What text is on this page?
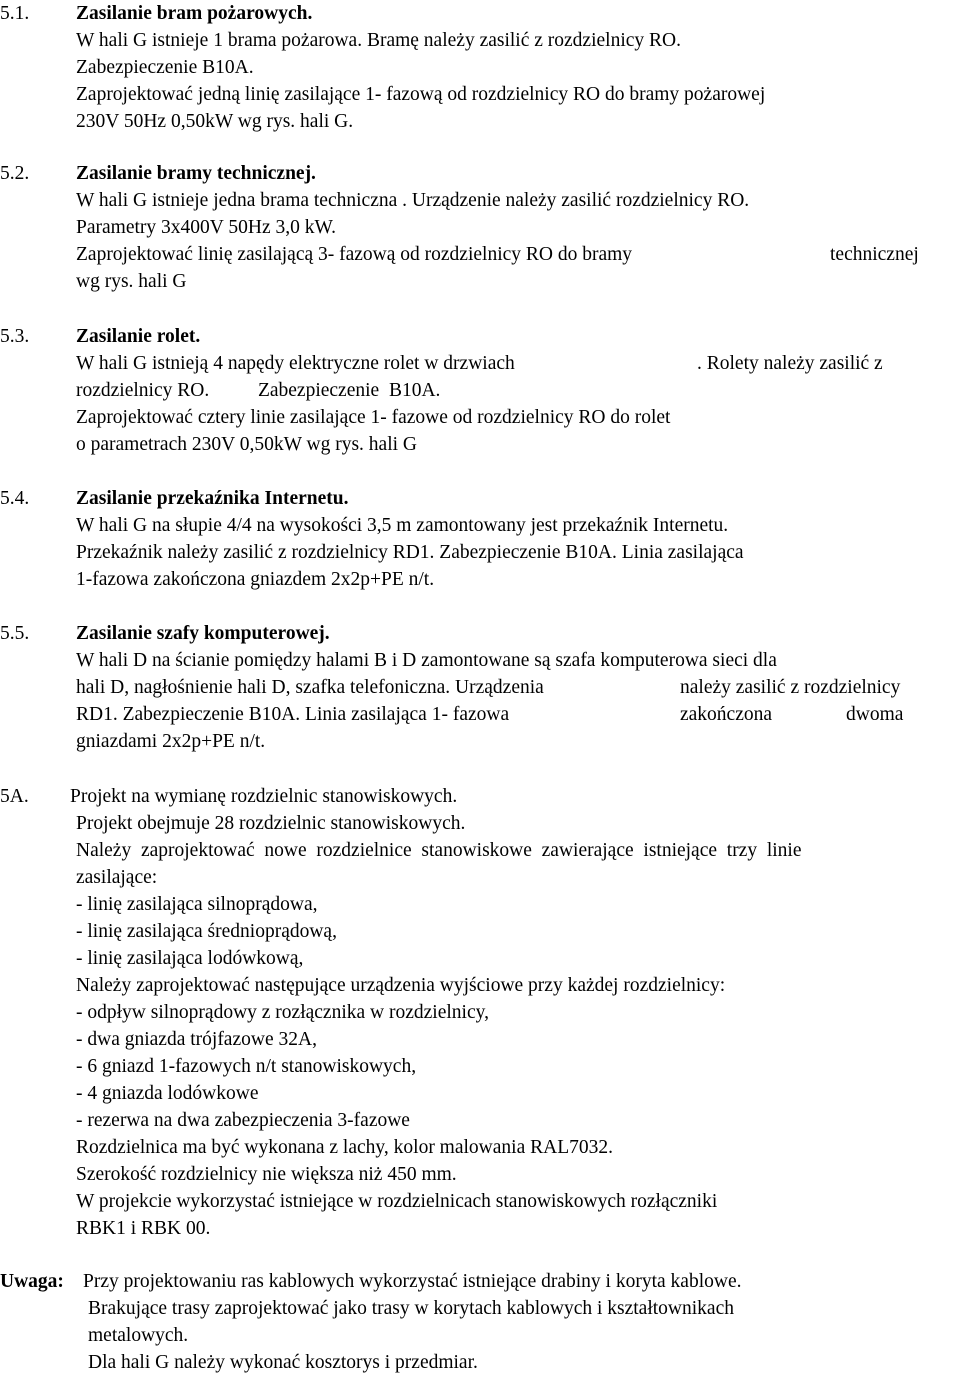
5.1. Zasilanie bram pożarowych.
W hali G istnieje 1 brama pożarowa. Bramę należy zasilić z rozdzielnicy RO.
Zabezpieczenie B10A.
Zaprojektować jedną linię zasilające 1- fazową od rozdzielnicy RO do bramy pożarowej
230V 50Hz 0,50kW wg rys. hali G.
5.2. Zasilanie bramy technicznej.
W hali G istnieje jedna brama techniczna . Urządzenie należy zasilić rozdzielnicy RO.
Parametry 3x400V 50Hz 3,0 kW.
Zaprojektować linię zasilającą 3- fazową od rozdzielnicy RO do bramy	technicznej
wg rys. hali G
5.3. Zasilanie rolet.
W hali G istnieją 4 napędy elektryczne rolet w drzwiach	. Rolety należy zasilić z
rozdzielnicy RO.          Zabezpieczenie  B10A.
Zaprojektować cztery linie zasilające 1- fazowe od rozdzielnicy RO do rolet
o parametrach 230V 0,50kW wg rys. hali G
5.4. Zasilanie przekaźnika Internetu.
W hali G na słupie 4/4 na wysokości 3,5 m zamontowany jest przekaźnik Internetu.
Przekaźnik należy zasilić z rozdzielnicy RD1. Zabezpieczenie B10A. Linia zasilająca
1-fazowa zakończona gniazdem 2x2p+PE n/t.
5.5. Zasilanie szafy komputerowej.
W hali D na ścianie pomiędzy halami B i D zamontowane są szafa komputerowa sieci dla
hali D, nagłośnienie hali D, szafka telefoniczna. Urządzenia	należy zasilić z rozdzielnicy
RD1. Zabezpieczenie B10A. Linia zasilająca 1- fazowa	zakończona	dwoma
gniazdami 2x2p+PE n/t.
5A. Projekt na wymianę rozdzielnic stanowiskowych.
Projekt obejmuje 28 rozdzielnic stanowiskowych.
Należy  zaprojektować  nowe  rozdzielnice  stanowiskowe  zawierające  istniejące  trzy  linie
zasilające:
- linię zasilająca silnoprądowa,
- linię zasilająca średnioprądową,
- linię zasilająca lodówkową,
Należy zaprojektować następujące urządzenia wyjściowe przy każdej rozdzielnicy:
- odpływ silnoprądowy z rozłącznika w rozdzielnicy,
- dwa gniazda trójfazowe 32A,
- 6 gniazd 1-fazowych n/t stanowiskowych,
- 4 gniazda lodówkowe
- rezerwa na dwa zabezpieczenia 3-fazowe
Rozdzielnica ma być wykonana z lachy, kolor malowania RAL7032.
Szerokość rozdzielnicy nie większa niż 450 mm.
W projekcie wykorzystać istniejące w rozdzielnicach stanowiskowych rozłączniki
RBK1 i RBK 00.
Uwaga: Przy projektowaniu ras kablowych wykorzystać istniejące drabiny i koryta kablowe.
Brakujące trasy zaprojektować jako trasy w korytach kablowych i kształtownikach
metalowych.
Dla hali G należy wykonać kosztorys i przedmiar.
